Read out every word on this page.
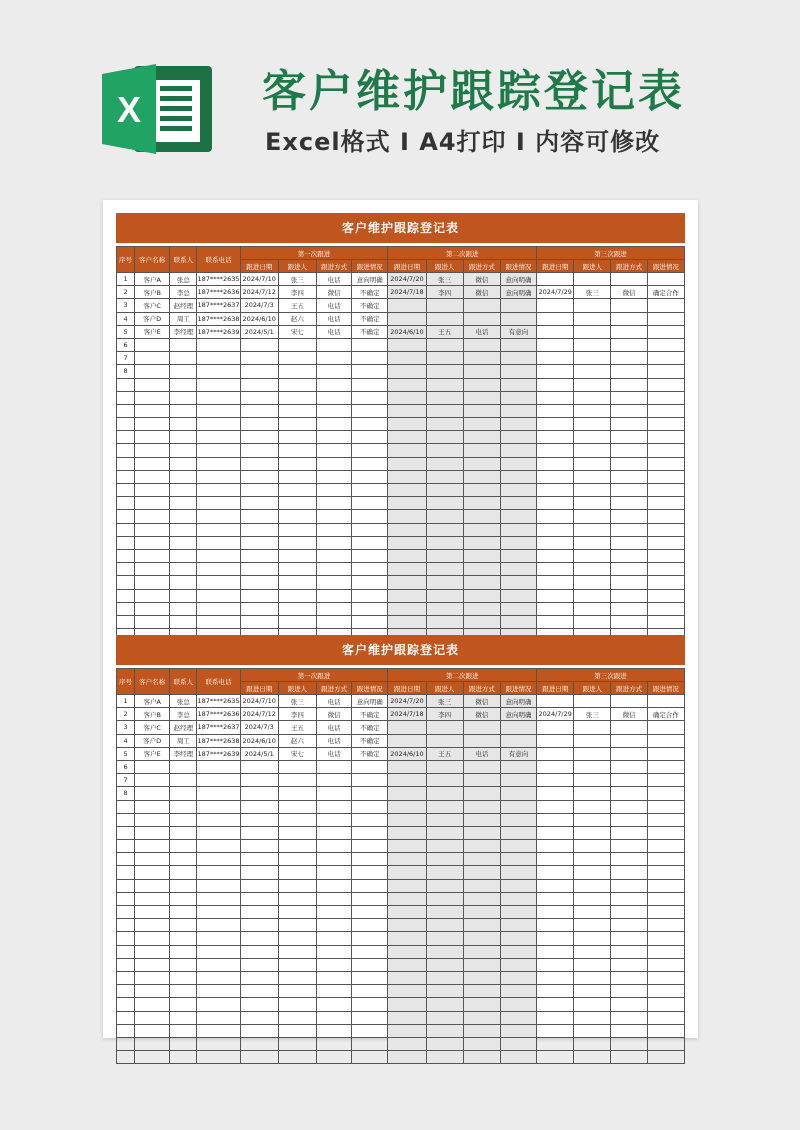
X	客户维护跟踪登记表
Excel格式 I A4打印 I 内容可修改
客户维护跟踪登记表
序号	客户名称	联系人	联系电话	第一次跟进				第二次跟进				第三次跟进			
				跟进日期	跟进人	跟进方式	跟进情况	跟进日期	跟进人	跟进方式	跟进情况	跟进日期	跟进人	跟进方式	跟进情况
1	客户A	张总	187****2635	2024/7/10	张三	电话	意向明确	2024/7/20	张三	微信	意向明确				
2	客户B	李总	187****2636	2024/7/12	李四	微信	不确定	2024/7/18	李四	微信	意向明确	2024/7/29	张三	微信	确定合作
3	客户C	赵经理	187****2637	2024/7/3	王五	电话	不确定								
4	客户D	周工	187****2638	2024/6/10	赵六	电话	不确定								
5	客户E	李经理	187****2639	2024/5/1	宋七	电话	不确定	2024/6/10	王五	电话	有意向				
6															
7															
8															

客户维护跟踪登记表
序号	客户名称	联系人	联系电话	第一次跟进				第二次跟进				第三次跟进			
				跟进日期	跟进人	跟进方式	跟进情况	跟进日期	跟进人	跟进方式	跟进情况	跟进日期	跟进人	跟进方式	跟进情况
1	客户A	张总	187****2635	2024/7/10	张三	电话	意向明确	2024/7/20	张三	微信	意向明确				
2	客户B	李总	187****2636	2024/7/12	李四	微信	不确定	2024/7/18	李四	微信	意向明确	2024/7/29	张三	微信	确定合作
3	客户C	赵经理	187****2637	2024/7/3	王五	电话	不确定								
4	客户D	周工	187****2638	2024/6/10	赵六	电话	不确定								
5	客户E	李经理	187****2639	2024/5/1	宋七	电话	不确定	2024/6/10	王五	电话	有意向				
6															
7															
8															
